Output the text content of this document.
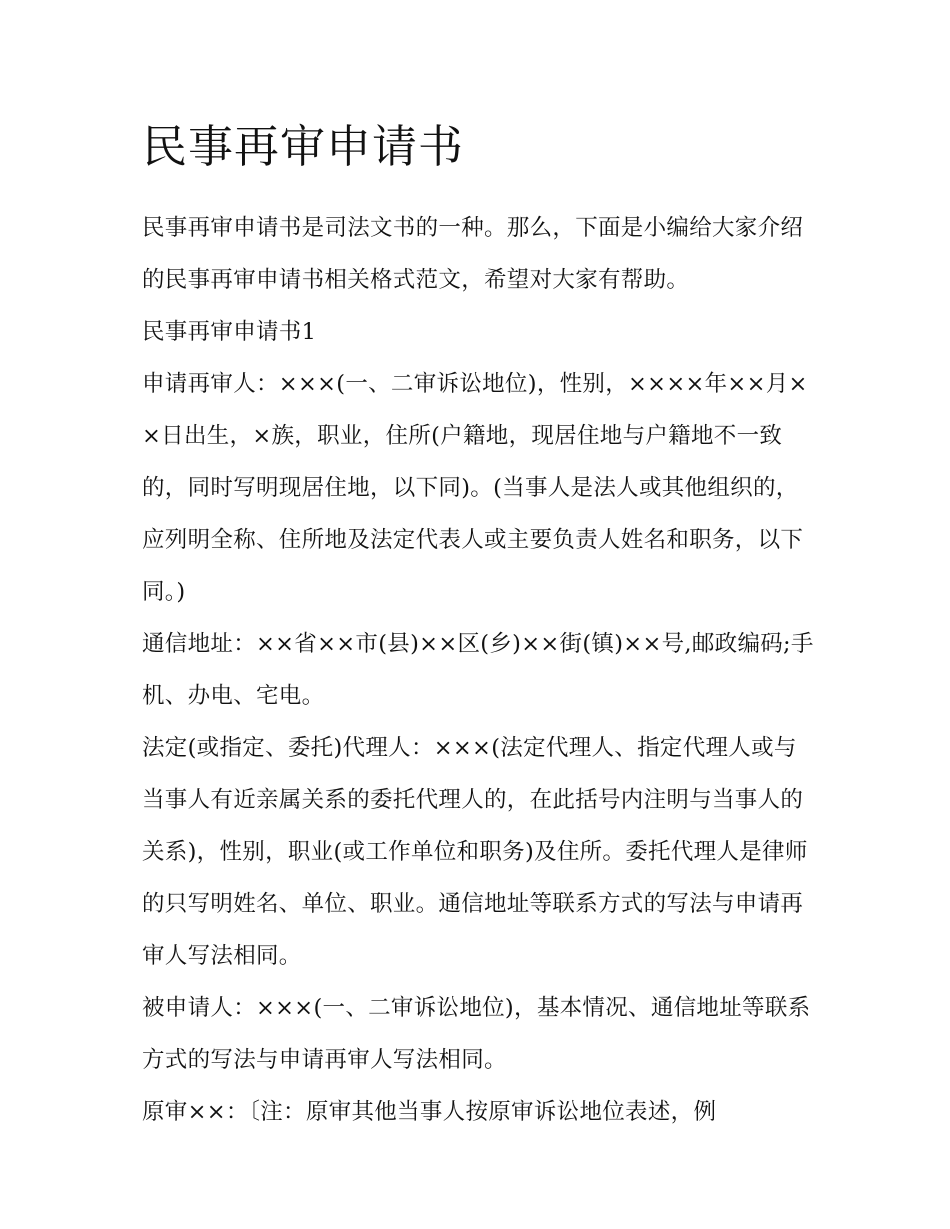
民事再审申请书

民事再审申请书是司法文书的一种。那么，下面是小编给大家介绍的民事再审申请书相关格式范文，希望对大家有帮助。

民事再审申请书1

申请再审人：×××(一、二审诉讼地位)，性别，××××年××月××日出生，×族，职业，住所(户籍地，现居住地与户籍地不一致的，同时写明现居住地，以下同)。(当事人是法人或其他组织的，应列明全称、住所地及法定代表人或主要负责人姓名和职务，以下同。)

通信地址：××省××市(县)××区(乡)××街(镇)××号,邮政编码;手机、办电、宅电。

法定(或指定、委托)代理人：×××(法定代理人、指定代理人或与当事人有近亲属关系的委托代理人的，在此括号内注明与当事人的关系)，性别，职业(或工作单位和职务)及住所。委托代理人是律师的只写明姓名、单位、职业。通信地址等联系方式的写法与申请再审人写法相同。

被申请人：×××(一、二审诉讼地位)，基本情况、通信地址等联系方式的写法与申请再审人写法相同。

原审××：〔注：原审其他当事人按原审诉讼地位表述，例
